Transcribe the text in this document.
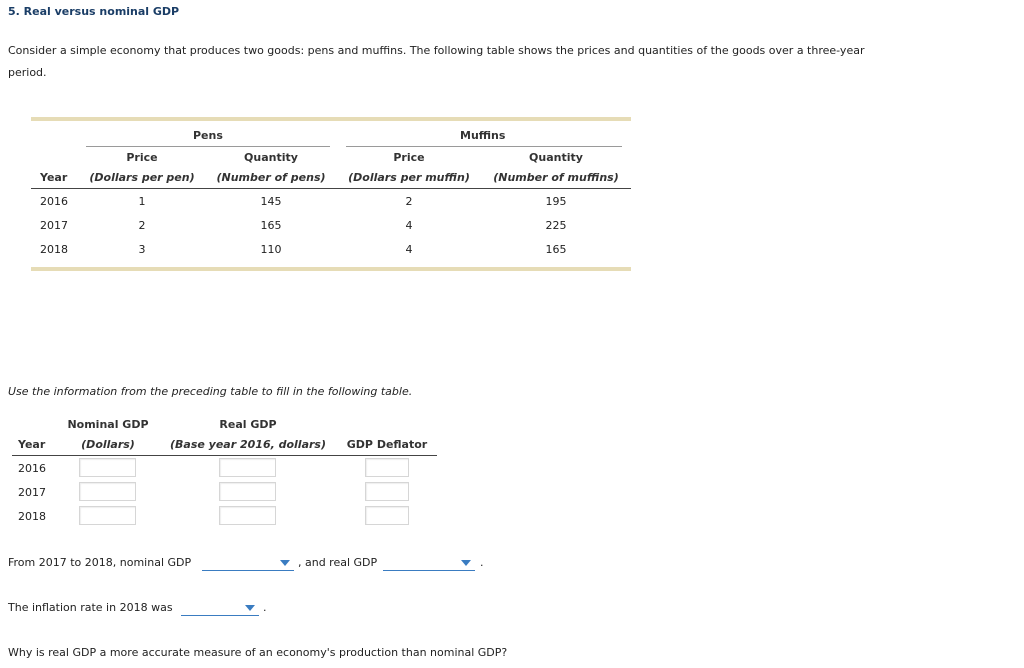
5. Real versus nominal GDP
Consider a simple economy that produces two goods: pens and muffins. The following table shows the prices and quantities of the goods over a three-year period.
Pens	Muffins
Price	Quantity	Price	Quantity
Year	(Dollars per pen)	(Number of pens)	(Dollars per muffin)	(Number of muffins)
2016	1	145	2	195
2017	2	165	4	225
2018	3	110	4	165
Use the information from the preceding table to fill in the following table.
Nominal GDP	Real GDP
Year	(Dollars)	(Base year 2016, dollars)	GDP Deflator
2016
2017
2018
From 2017 to 2018, nominal GDP	, and real GDP	.
The inflation rate in 2018 was	.
Why is real GDP a more accurate measure of an economy's production than nominal GDP?
